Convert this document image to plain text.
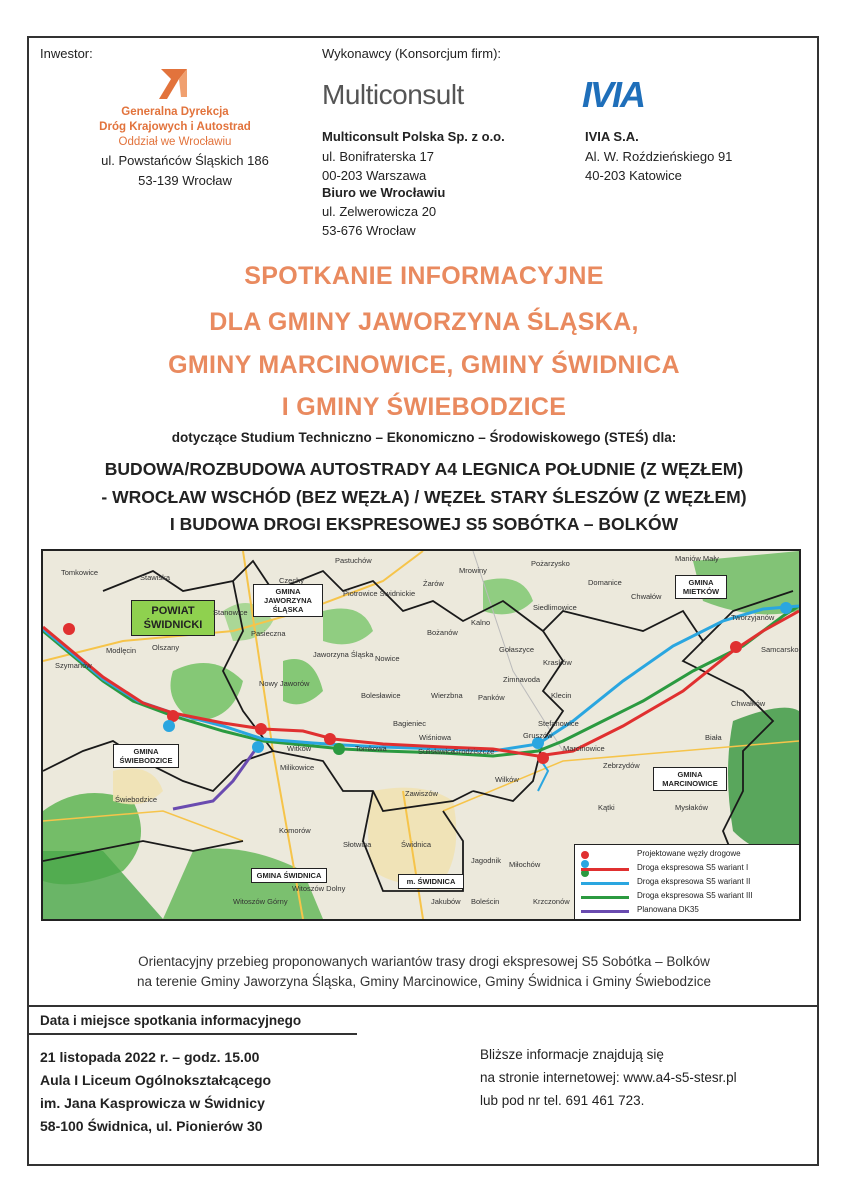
Inwestor:
Generalna Dyrekcja
Dróg Krajowych i Autostrad
Oddział we Wrocławiu
ul. Powstańców Śląskich 186
53-139 Wrocław
Wykonawcy (Konsorcjum firm):
Multiconsult
Multiconsult Polska Sp. z o.o.
ul. Bonifraterska 17
00-203 Warszawa
Biuro we Wrocławiu
ul. Zelwerowicza 20
53-676 Wrocław
IVIA
IVIA S.A.
Al. W. Roździeńskiego 91
40-203 Katowice
SPOTKANIE INFORMACYJNE
DLA GMINY JAWORZYNA ŚLĄSKA,
GMINY MARCINOWICE, GMINY ŚWIDNICA
I GMINY ŚWIEBODZICE
dotyczące Studium Techniczno – Ekonomiczno – Środowiskowego (STEŚ) dla:
BUDOWA/ROZBUDOWA AUTOSTRADY A4 LEGNICA POŁUDNIE (Z WĘZŁEM)
- WROCŁAW WSCHÓD (BEZ WĘZŁA) / WĘZEŁ STARY ŚLESZÓW (Z WĘZŁEM)
I BUDOWA DROGI EKSPRESOWEJ S5 SOBÓTKA – BOLKÓW
POWIAT ŚWIDNICKI
GMINA JAWORZYNA ŚLĄSKA
GMINA ŚWIEBODZICE
GMINA ŚWIDNICA
m. ŚWIDNICA
GMINA MARCINOWICE
GMINA MIETKÓW
Tomkowice
Stawiska
Pastuchów
Czechy
Piotrowice Świdnickie
Żarów
Mrowiny
Pożarzysko
Maniów Mały
Domanice
Chwałów
Stanowice
Pasieczna
Jaworzyna Śląska Nowice
Bożanów
Kalno
Siedlimowice
Tworzyjanów
Samcarsko
Modlęcin Olszany
Szymanów
Gołaszyce
Wierzbna Panków
Krasków
Nowy Jaworów
Bolesławice
Zimnavoda
Klecin
Chwałków
Bagieniec	Stefanowice
Witków	Tomkowa
Wiśniowa
Grodziszcze
Sulisławice
Gruszów
Marcinowice
Biała
Milikowice
Wilków
Zebrzydów
Świebodzice
Zawiszów
Kątki	Mysłaków
Komorów
Słotwina	Świdnica
Jagodnik Miłochów
Witoszów Dolny
Witoszów Górny	Jakubów Boleścin	Krzczonów
Projektowane węzły drogowe
Droga ekspresowa S5 wariant I
Droga ekspresowa S5 wariant II
Droga ekspresowa S5 wariant III
Planowana DK35
Orientacyjny przebieg proponowanych wariantów trasy drogi ekspresowej S5 Sobótka – Bolków
na terenie Gminy Jaworzyna Śląska, Gminy Marcinowice, Gminy Świdnica i Gminy Świebodzice
Data i miejsce spotkania informacyjnego
21 listopada 2022 r. – godz. 15.00
Aula I Liceum Ogólnokształcącego
im. Jana Kasprowicza w Świdnicy
58-100 Świdnica, ul. Pionierów 30
Bliższe informacje znajdują się
na stronie internetowej: www.a4-s5-stesr.pl
lub pod nr tel. 691 461 723.
